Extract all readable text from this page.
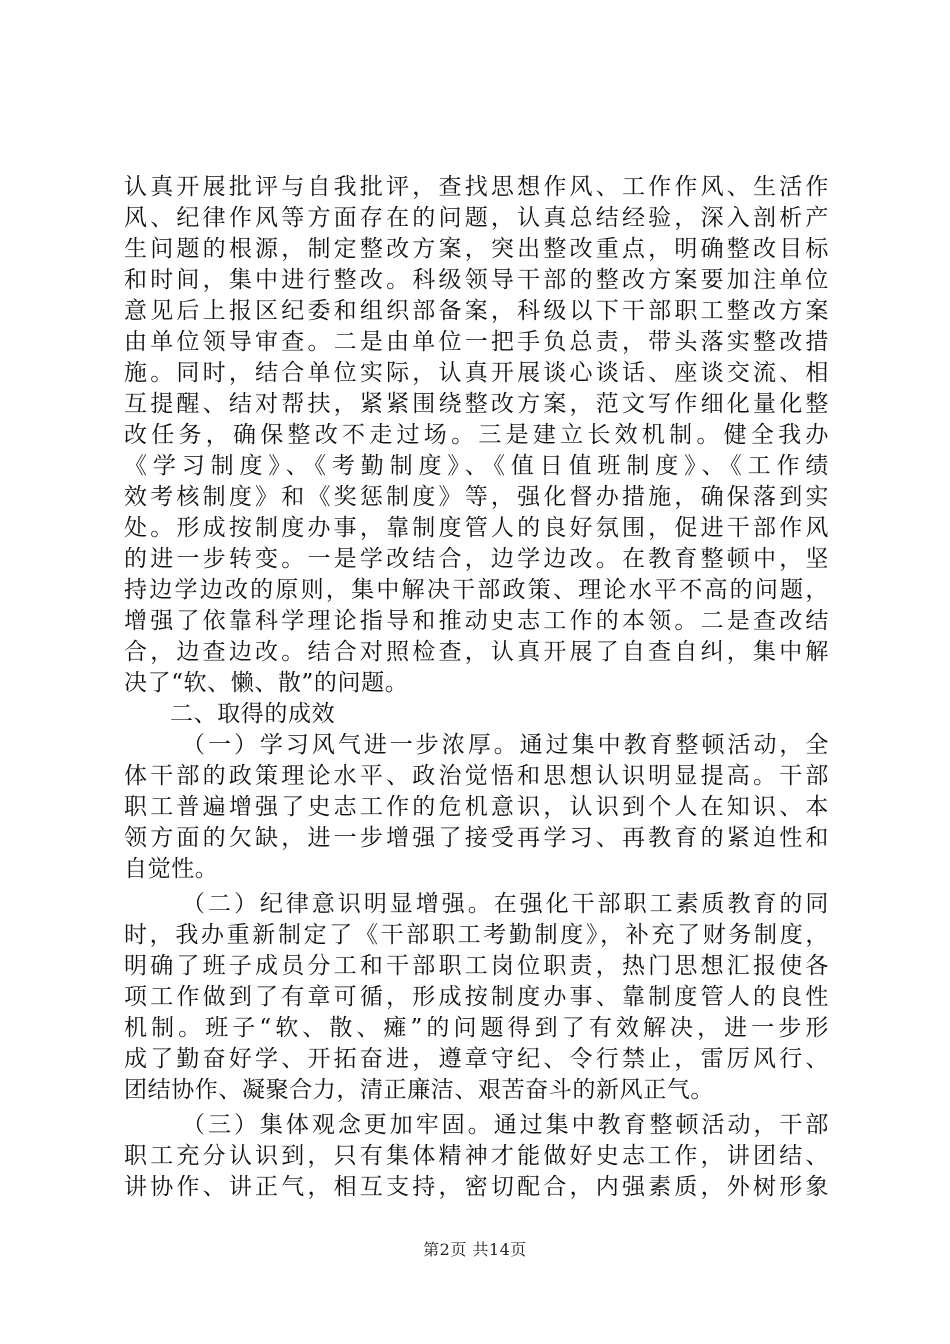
认真开展批评与自我批评，查找思想作风、工作作风、生活作
风、纪律作风等方面存在的问题，认真总结经验，深入剖析产
生问题的根源，制定整改方案，突出整改重点，明确整改目标
和时间，集中进行整改。科级领导干部的整改方案要加注单位
意见后上报区纪委和组织部备案，科级以下干部职工整改方案
由单位领导审查。二是由单位一把手负总责，带头落实整改措
施。同时，结合单位实际，认真开展谈心谈话、座谈交流、相
互提醒、结对帮扶，紧紧围绕整改方案，范文写作细化量化整
改任务，确保整改不走过场。三是建立长效机制。健全我办
《学习制度》、《考勤制度》、《值日值班制度》、《工作绩
效考核制度》和《奖惩制度》等，强化督办措施，确保落到实
处。形成按制度办事，靠制度管人的良好氛围，促进干部作风
的进一步转变。一是学改结合，边学边改。在教育整顿中，坚
持边学边改的原则，集中解决干部政策、理论水平不高的问题，
增强了依靠科学理论指导和推动史志工作的本领。二是查改结
合，边查边改。结合对照检查，认真开展了自查自纠，集中解
决了“软、懒、散”的问题。
二、取得的成效
（一）学习风气进一步浓厚。通过集中教育整顿活动，全
体干部的政策理论水平、政治觉悟和思想认识明显提高。干部
职工普遍增强了史志工作的危机意识，认识到个人在知识、本
领方面的欠缺，进一步增强了接受再学习、再教育的紧迫性和
自觉性。
（二）纪律意识明显增强。在强化干部职工素质教育的同
时，我办重新制定了《干部职工考勤制度》，补充了财务制度，
明确了班子成员分工和干部职工岗位职责，热门思想汇报使各
项工作做到了有章可循，形成按制度办事、靠制度管人的良性
机制。班子“软、散、瘫”的问题得到了有效解决，进一步形
成了勤奋好学、开拓奋进，遵章守纪、令行禁止，雷厉风行、
团结协作、凝聚合力，清正廉洁、艰苦奋斗的新风正气。
（三）集体观念更加牢固。通过集中教育整顿活动，干部
职工充分认识到，只有集体精神才能做好史志工作，讲团结、
讲协作、讲正气，相互支持，密切配合，内强素质，外树形象
第2页 共14页
